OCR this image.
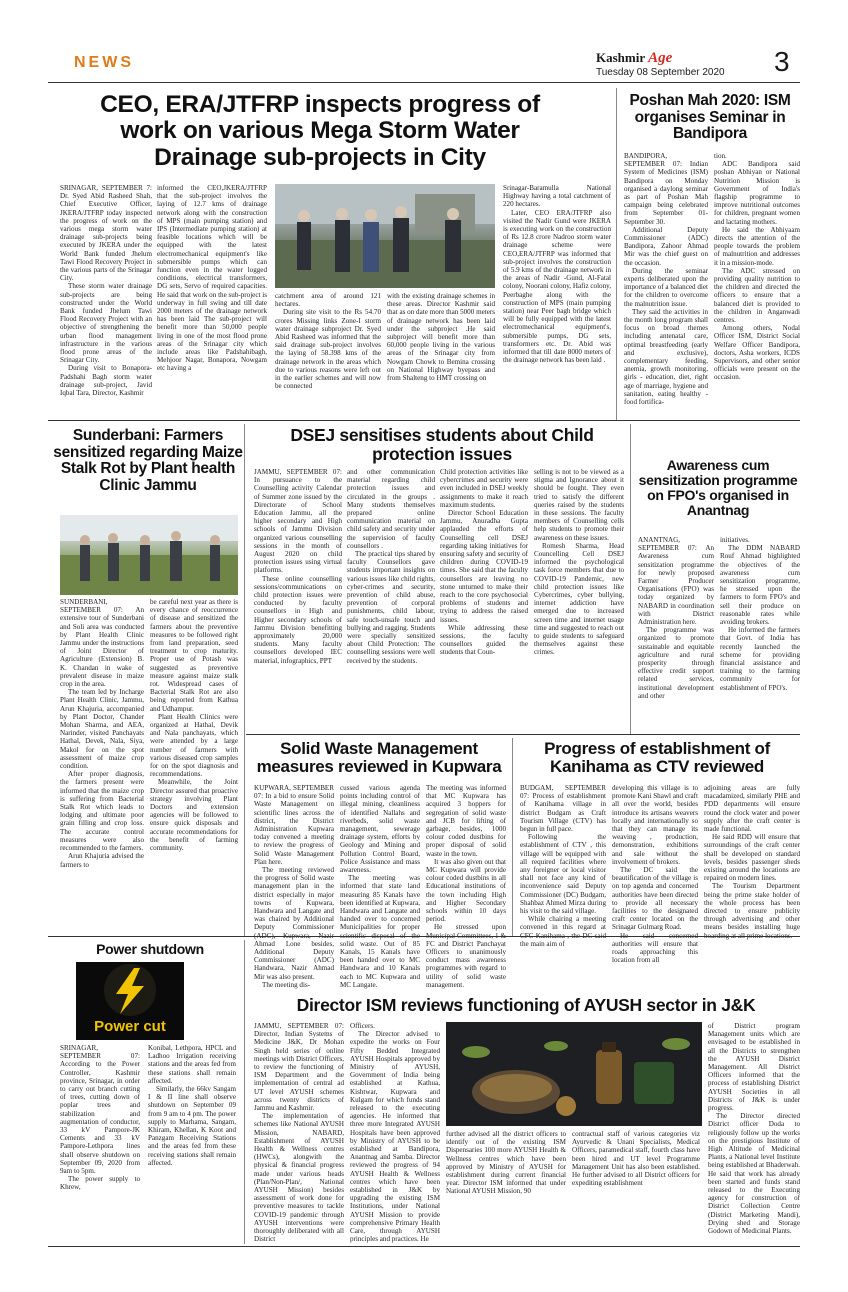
NEWS	Kashmir Age
Tuesday 08 September 2020 3
CEO, ERA/JTFRP inspects progress of work on various Mega Storm Water Drainage sub-projects in City

SRINAGAR, SEPTEMBER 7: Dr. Syed Abid Rasheed Shah, Chief Executive Officer, JKERA/JTFRP today inspected the progress of work on the various mega storm water drainage sub-projects being executed by JKERA under the World Bank funded Jhelum Tawi Flood Recovery Project in the various parts of the Srinagar City.

These storm water drainage sub-projects are being constructed under the World Bank funded Jhelum Tawi Flood Recovery Project with an objective of strengthening the urban flood management infrastructure in the various flood prone areas of the Srinagar City.

During visit to Bonapora-Padshahi Bagh storm water drainage sub-project, Javid Iqbal Tara, Director, Kashmir

informed the CEO,JKERA/JTFRP that the sub-project involves the laying of 12.7 kms of drainage network along with the construction of MPS (main pumping station) and IPS (Intermediate pumping station) at feasible locations which will be equipped with the latest electromechanical equipment's like submersible pumps which can function even in the water logged conditions, electrical transformers, DG sets, Servo of required capacities. He said that work on the sub-project is underway in full swing and till date 2000 meters of the drainage network has been laid The sub-project will benefit more than 50,000 people living in one of the most flood prone areas of the Srinagar city which include areas like Padshahibagh, Mehjoor Nagar, Bonapora, Nowgam etc having a

catchment area of around 121 hectares.

During site visit to the Rs 54.70 crores Missing links Zone-I storm water drainage subproject Dr. Syed Abid Rasheed was informed that the said drainage sub-project involves the laying of 58.398 kms of the drainage network in the areas which due to various reasons were left out in the earlier schemes and will now be connected

with the existing drainage schemes in these areas. Director Kashmir said that as on date more than 5000 meters of drainage network has been laid under the subproject .He said subproject will benefit more than 60,000 people living in the various areas of the Srinagar city from Nowgam Chowk to Bemina crossing on National Highway byepass and from Shalteng to HMT crossing on

Srinagar-Baramulla National Highway having a total catchment of 220 hectares.

Later, CEO ERA/JTFRP also visited the Nadir Gund were JKERA is executing work on the construction of Rs 12.8 crore Nadroo storm water drainage scheme were CEO,ERA/JTFRP was informed that sub-project involves the construction of 5.9 kms of the drainage network in the areas of Nadir -Gund, Al-Fatal colony, Noorani colony, Hafiz colony, Peerbaghe along with the construction of MPS (main pumping station) near Peer bagh bridge which will be fully equipped with the latest electromechanical equipment's, submersible pumps, DG sets, transformers etc. Dr. Abid was informed that till date 8000 meters of the drainage network has been laid .

Poshan Mah 2020: ISM organises Seminar in Bandipora

BANDIPORA, SEPTEMBER 07: Indian System of Medicines (ISM) Bandipora on Monday organised a daylong seminar as part of Poshan Mah campaign being celebrated from September 01-September 30.

Additional Deputy Commissioner (ADC) Bandipora, Zahoor Ahmad Mir was the chief guest on the occasion.

During the seminar experts deliberated upon the importance of a balanced diet for the children to overcome the malnutrition issue.

They said the activities in the month long program shall focus on broad themes including antenatal care, optimal breastfeeding (early and exclusive), complementary feeding, anemia, growth monitoring, girls - education, diet, right age of marriage, hygiene and sanitation, eating healthy - food fortifica-

tion.

ADC Bandipora said poshan Abhiyan or National Nutrition Mission is Government of India's flagship programme to improve nutritional outcomes for children, pregnant women and lactating mothers.

He said the Abhiyaam directs the attention of the people towards the problem of malnutrition and addresses it in a mission-mode.

The ADC stressed on providing quality nutrition to the children and directed the officers to ensure that a balanced diet is provided to the children in Anganwadi centres.

Among others, Nodal Officer ISM, District Social Welfare Officer Bandipora, doctors, Asha workers, ICDS Supervisors, and other senior officials were present on the occasion.

Sunderbani: Farmers sensitized regarding Maize Stalk Rot by Plant health Clinic Jammu

SUNDERBANI, SEPTEMBER 07: An extensive tour of Sunderbani and Soli area was conducted by Plant Health Clinic Jammu under the instructions of Joint Director of Agriculture (Extension) B. K. Chandan in wake of prevalent disease in maize crop in the area.

The team led by Incharge Plant Health Clinic, Jammu, Arun Khajuria, accompanied by Plant Doctor, Chander Mohan Sharma, and AEA, Narinder, visited Panchayats Hathal, Devek, Nala, Siya, Makol for on the spot assessment of maize crop condition.

After proper diagnosis, the farmers present were informed that the maize crop is suffering from Bacterial Stalk Rot which leads to lodging and ultimate poor grain filling and crop loss. The accurate control measures were also recommended to the farmers.

Arun Khajuria advised the farmers to

be careful next year as there is every chance of reoccurrence of disease and sensitized the farmers about the preventive measures to be followed right from land preparation, seed treatment to crop maturity. Proper use of Potash was suggested as preventive measure against maize stalk rot. Widespread cases of Bacterial Stalk Rot are also being reported from Kathua and Udhampur.

Plant Health Clinics were organized at Hathal, Devik and Nala panchayats, which were attended by a large number of farmers with various diseased crop samples for on the spot diagnosis and recommendations.

Meanwhile, the Joint Director assured that proactive strategy involving Plant Doctors and extension agencies will be followed to ensure quick disposals and accurate recommendations for the benefit of farming community.

DSEJ sensitises students about Child protection issues

JAMMU, SEPTEMBER 07: In pursuance to the Counselling activity Calendar of Summer zone issued by the Directorate of School Education Jammu, all the higher secondary and High schools of Jammu Division organized various counselling sessions in the month of August 2020 on child protection issues using virtual platforms.

These online counselling sessions/communications on child protection issues were conducted by faculty counsellors in High and Higher secondary schools of Jammu Division benefitting approximately 20,000 students. Many faculty counsellors developed IEC material, infographics, PPT

and other communication material regarding child protection issues and circulated in the groups . Many students themselves prepared online communication material on child safety and security under the supervision of faculty counsellors .

The practical tips shared by faculty Counsellors gave students important insights on various issues like child rights, cyber-crimes and security, prevention of child abuse, prevention of corporal punishments, child labour, safe touch-unsafe touch and bullying and ragging. Students were specially sensitized about Child Protection: The counselling sessions were well received by the students.

Child protection activities like cybercrimes and security were even included in DSEJ weekly assignments to make it reach maximum students.

Director School Education Jammu, Anuradha Gupta applauded the efforts of Counselling cell DSEJ regarding taking initiatives for ensuring safety and security of children during COVID-19 times. She said that the faculty counsellors are leaving no stone unturned to make their reach to the core psychosocial problems of students and trying to address the raised issues.

While addressing these sessions, the faculty counsellors guided the students that Coun-

selling is not to be viewed as a stigma and Ignorance about it should be fought. They even tried to satisfy the different queries raised by the students in these sessions. The faculty members of Counselling cells help students to promote their awareness on these issues.

Romesh Sharma, Head Councelling Cell DSEJ informed the psychological task force members that due to COVID-19 Pandemic, new child protection issues like Cybercrimes, cyber bullying, internet addiction have emerged due to increased screen time and internet usage time and suggested to reach out to guide students to safeguard themselves against these crimes.

Awareness cum sensitization programme on FPO's organised in Anantnag

ANANTNAG, SEPTEMBER 07: An Awareness cum sensitization programme for newly proposed Farmer Producer Organisations (FPO) was today organized by NABARD in coordination with District Administration here.

The programme was organized to promote sustainable and equitable agriculture and rural prosperity through effective credit support related services, institutional development and other

initiatives.

The DDM NABARD Rouf Ahmad highlighted the objectives of the awareness cum sensitization programme, he stressed upon the farmers to form FPO's and sell their produce on reasonable rates while avoiding brokers.

He informed the farmers that Govt. of India has recently launched the scheme for providing financial assistance and training to the farming community for establishment of FPO's.

Solid Waste Management measures reviewed in Kupwara

KUPWARA, SEPTEMBER 07: In a bid to ensure Solid Waste Management on scientific lines across the district, the District Administration Kupwara today convened a meeting to review the progress of Solid Waste Management Plan here.

The meeting reviewed the progress of Solid waste management plan in the district especially in major towns of Kupwara, Handwara and Langate and was chaired by Additional Deputy Commissioner Ahmad Lone besides, Additional Deputy Commissioner (ADC) Handwara, Nazir Ahmad Mir was also present.

The meeting dis-

cussed various agenda points including control of illegal mining, cleanliness of identified Nallahs and riverbeds, solid waste management, sewerage drainage system, efforts by Geology and Mining and Pollution Control Board, Police Assistance and mass awareness.

The meeting was informed that state land measuring 85 Kanals have been identified at Kupwara, Handwara and Langate and handed over to concerned Municipalities for proper solid waste. Out of 85 Kanals, 15 Kanals have been handed over to MC Handwara and 10 Kanals each to MC Kupwara and MC Langate.

The meeting was informed that MC Kupwara has acquired 3 hoppers for segregation of solid waste and JCB for lifting of garbage, besides, 1000 colour coded dustbins for proper disposal of solid waste in the town.

It was also given out that MC Kupwara will provide colour coded dustbins in all Educational institutions of the town including High and Higher Secondary schools within 10 days period.

He stressed upon FC and District Panchayat Officers to unanimously conduct mass awareness programmes with regard to utility of solid waste management.

Progress of establishment of Kanihama as CTV reviewed

BUDGAM, SEPTEMBER 07: Process of establishment of Kanihama village in district Budgam as Craft Tourism Village (CTV) has begun in full pace.

Following the establishment of CTV , this village will be equipped with all required facilities where any foreigner or local visitor shall not face any kind of inconvenience said Deputy Commissioner (DC) Budgam, Shahbaz Ahmed Mirza during his visit to the said village.

While chairing a meeting convened in this regard at the main aim of

developing this village is to promote Kani Shawl and craft all over the world, besides introduce its artisans weavers locally and internationally so that they can manage its weaving , production, demonstration, exhibitions and sale without the involvement of brokers.

The DC said the beautification of the village is on top agenda and concerned authorities have been directed to provide all necessary facilities to the designated craft center located on the Srinagar Gulmarg Road.

authorities will ensure that roads approaching this location from all

adjoining areas are fully macadamized, similarly PHE and PDD departments will ensure round the clock water and power supply after the craft center is made functional.

He said RDD will ensure that surroundings of the craft center shall be developed on standard levels, besides passenger sheds existing around the locations are repaired on modern lines.

The Tourism Department being the prime stake holder of the whole process has been directed to ensure publicity through advertising and other means besides installing huge

Power shutdown
Power cut

SRINAGAR, SEPTEMBER 07: According to the Power Controller, Kashmir province, Srinagar, in order to carry out branch cutting of trees, cutting down of poplar trees and stabilization and augmentation of conductor, 33 kV Pampore-JK Cements and 33 kV Pampore-Lethpora lines shall observe shutdown on September 09, 2020 from 9am to 5pm.

The power supply to Khrew,

Konibal, Lethpora, HPCL and Ladhoo Irrigation receiving stations and the areas fed from these stations shall remain affected.

Similarly, the 66kv Sangam I & II line shall observe shutdown on September 09 from 9 am to 4 pm. The power supply to Marhama, Sangam, Khiram, Khellan, K Koot and Panzgam Receiving Stations and the areas fed from these receiving stations shall remain affected.

Director ISM reviews functioning of AYUSH sector in J&K

JAMMU, SEPTEMBER 07: Director, Indian Systems of Medicine J&K, Dr Mohan Singh held series of online meetings with District Officers, to review the functioning of ISM Department and the implementation of central ad UT level AYUSH schemes across twenty districts of Jammu and Kashmir.

The implementation of schemes like National AYUSH Mission, NABARD, Establishment of AYUSH Health & Wellness centres (HWCs), alongwith the physical & financial progress made under various heads (Plan/Non-Plan/, National AYUSH Mission) besides assessment of work done for preventive measures to tackle COVID-19 pandemic through AYUSH interventions were thoroughly deliberated with all District

Officers.

The Director advised to expedite the works on Four Fifty Bedded Integrated AYUSH Hospitals approved by Ministry of AYUSH, Government of India being established at Kathua, Kishtwar, Kupwara and Kulgam for which funds stand released to the executing agencies. He informed that three more Integrated AYUSH Hospitals have been approved by Ministry of AYUSH to be established at Bandipora, Anantnag and Samba. Director reviewed the progress of 94 AYUSH Health & Wellness centres which have been established in J&K by upgrading the existing ISM Institutions, under National AYUSH Mission to provide comprehensive Primary Health Care, through AYUSH principles and practices. He

further advised all the district officers to identify out of the existing ISM Dispensaries 100 more AYUSH Health & Wellness centres which have been approved by Ministry of AYUSH for establishment during current financial year. Director ISM informed that under National AYUSH Mission, 90

contractual staff of various categories viz Ayurvedic & Unani Specialists, Medical Officers, paramedical staff, fourth class have been hired and UT level Programme Management Unit has also been established. He further advised to all District officers for expediting establishment

of District program Management units which are envisaged to be established in all the Districts to strengthen the AYUSH District Management. All District Officers informed that the process of establishing District AYUSH Societies in all Districts of J&K is under progress.

The Director directed District officer Doda to religiously follow up the works on the prestigious Institute of High Altitude of Medicinal Plants, a National level Institute being established at Bhaderwah. He said that work has already been started and funds stand released to the Executing agency for construction of District Collection Centre (District Marketing Mandi), Drying shed and Storage Godown of Medicinal Plants.
